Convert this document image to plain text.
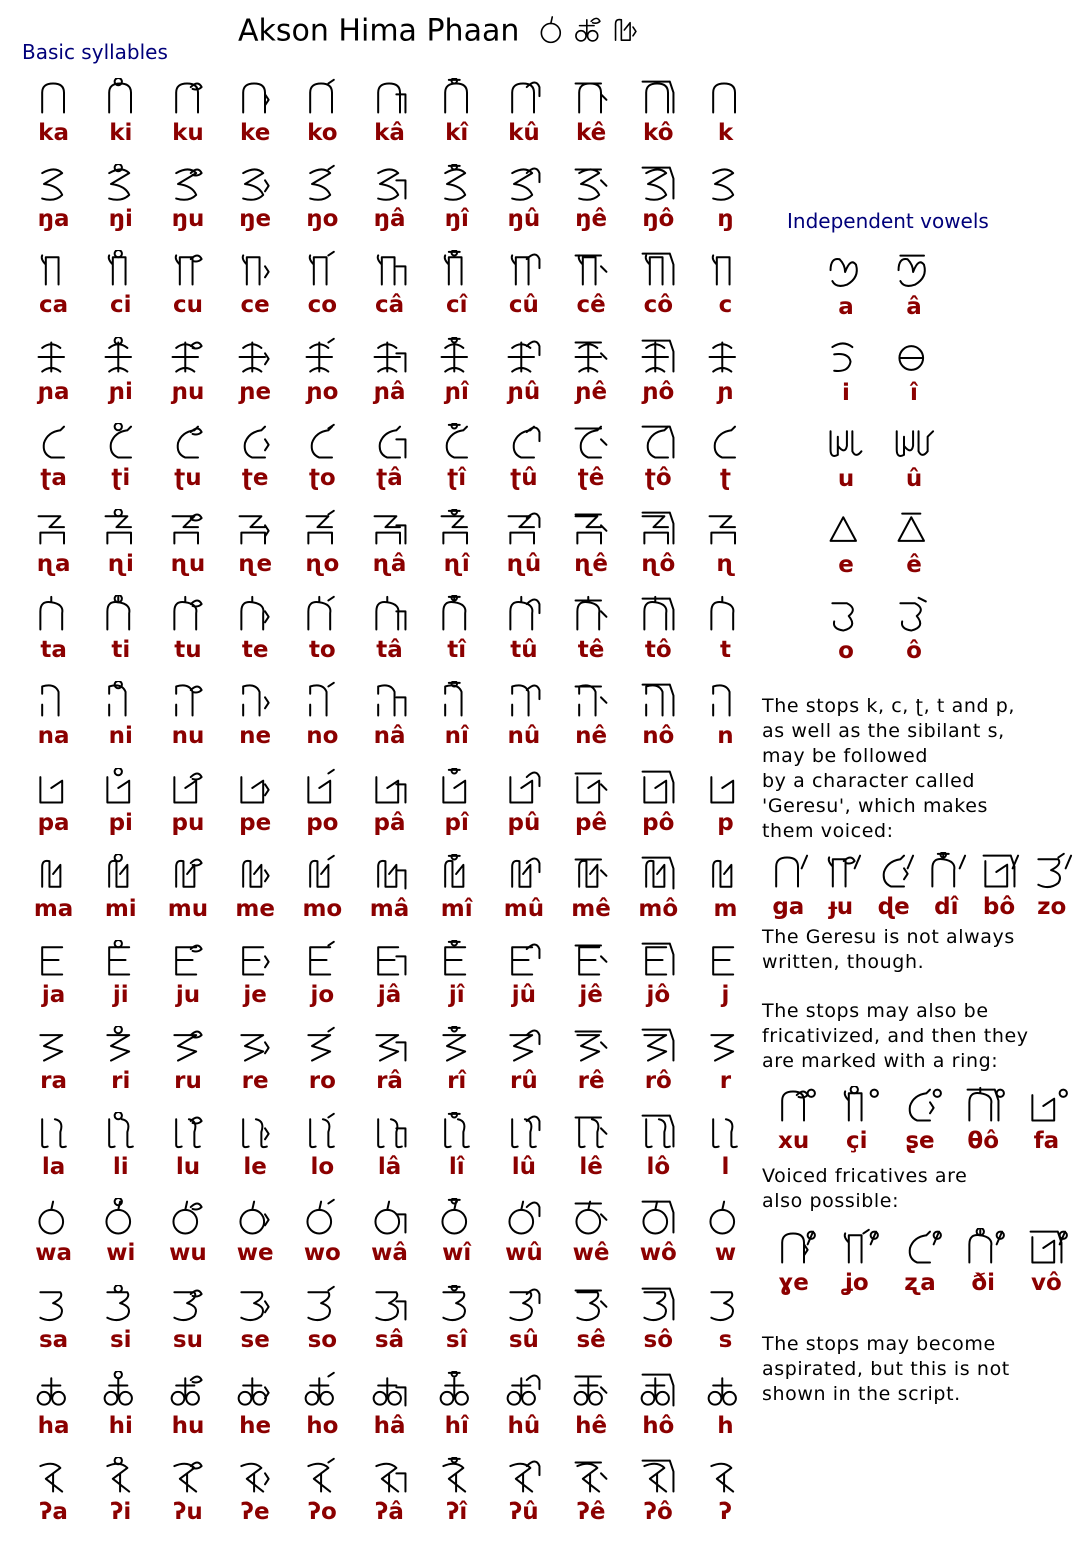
Akson Hima Phaan
Basic syllables
Independent vowels
ka ki ku ke ko kâ kî kû kê kô k
ŋa ŋi ŋu ŋe ŋo ŋâ ŋî ŋû ŋê ŋô ŋ
ca ci cu ce co câ cî cû cê cô c
ɲa ɲi ɲu ɲe ɲo ɲâ ɲî ɲû ɲê ɲô ɲ
ʈa ʈi ʈu ʈe ʈo ʈâ ʈî ʈû ʈê ʈô ʈ
ɳa ɳi ɳu ɳe ɳo ɳâ ɳî ɳû ɳê ɳô ɳ
ta ti tu te to tâ tî tû tê tô t
na ni nu ne no nâ nî nû nê nô n
pa pi pu pe po pâ pî pû pê pô p
ma mi mu me mo mâ mî mû mê mô m
ja ji ju je jo jâ jî jû jê jô j
ra ri ru re ro râ rî rû rê rô r
la li lu le lo lâ lî lû lê lô l
wa wi wu we wo wâ wî wû wê wô w
sa si su se so sâ sî sû sê sô s
ha hi hu he ho hâ hî hû hê hô h
ʔa ʔi ʔu ʔe ʔo ʔâ ʔî ʔû ʔê ʔô ʔ
a â
i	î
u û
e ê
o ô
The stops k, c, ʈ, t and p,
as well as the sibilant s,
may be followed
by a character called
'Geresu', which makes
them voiced:
ga ɟu ɖe dî bô zo
The Geresu is not always
written, though.
The stops may also be
fricativized, and then they
are marked with a ring:
xu çi ʂe θô fa
Voiced fricatives are
also possible:
ɣe ʝo ʐa ði vô
The stops may become
aspirated, but this is not
shown in the script.
